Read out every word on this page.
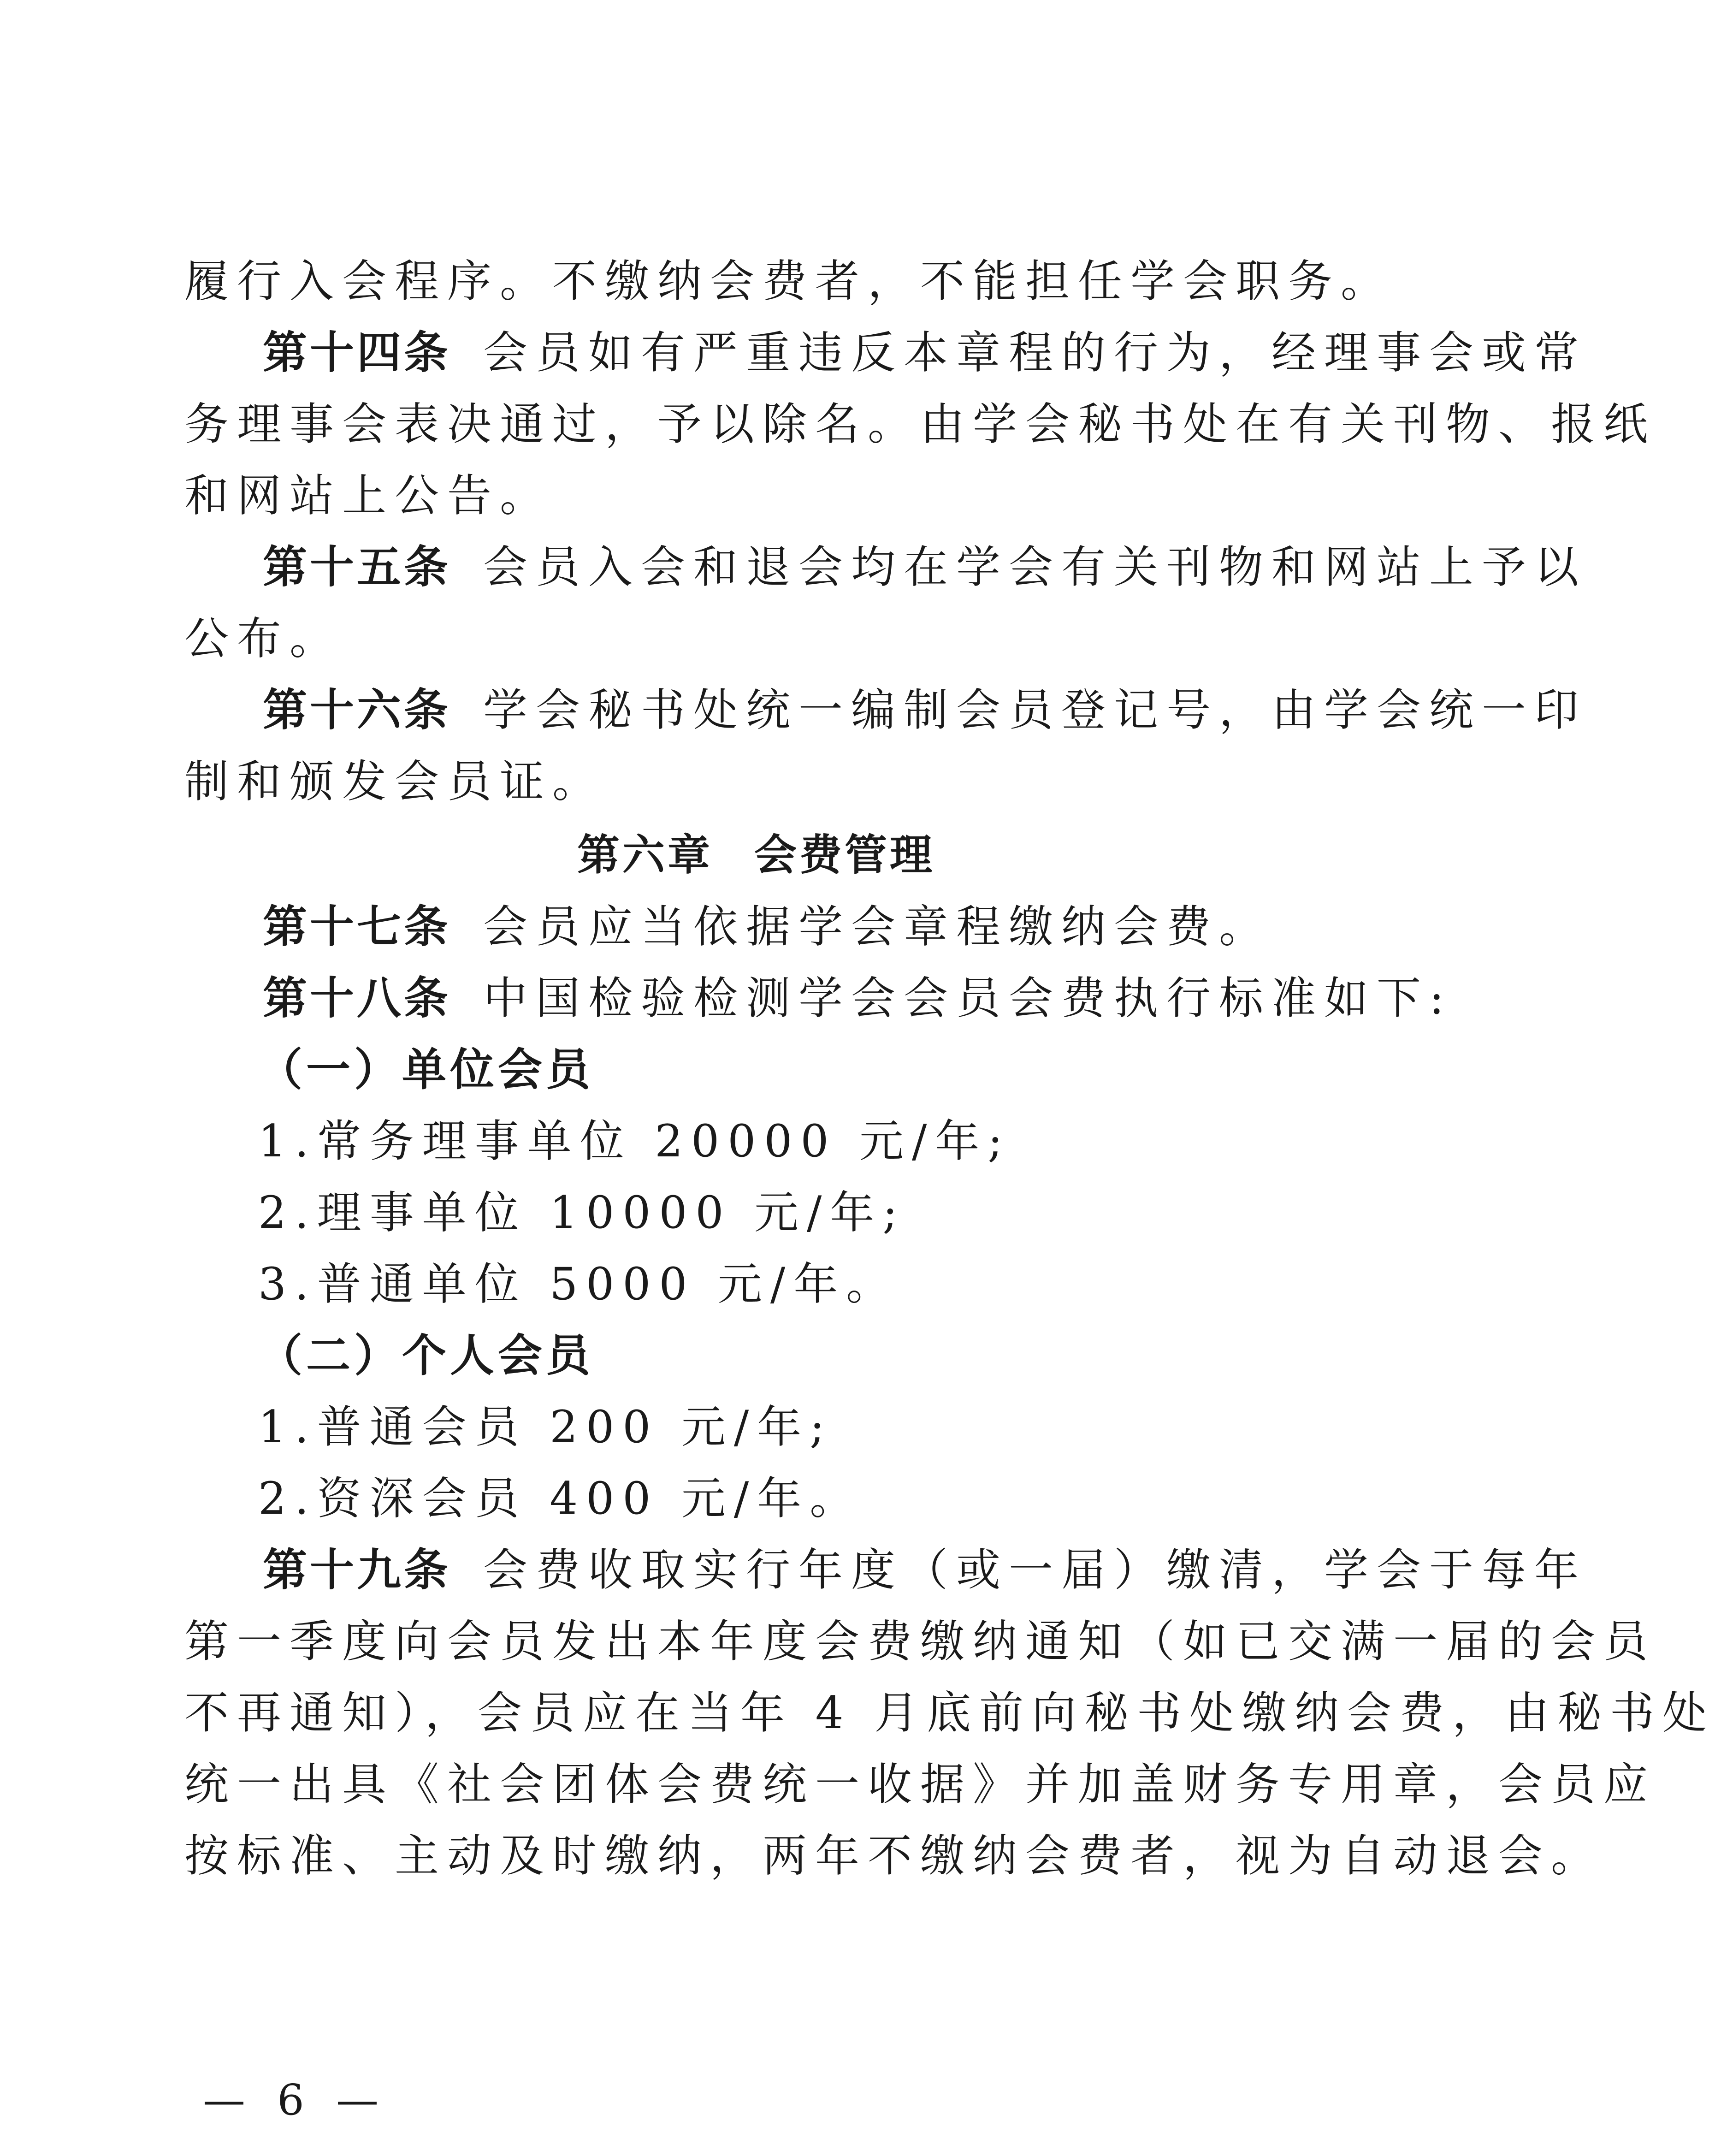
履行入会程序。不缴纳会费者，不能担任学会职务。
第十四条 会员如有严重违反本章程的行为，经理事会或常
务理事会表决通过，予以除名。由学会秘书处在有关刊物、报纸
和网站上公告。
第十五条 会员入会和退会均在学会有关刊物和网站上予以
公布。
第十六条 学会秘书处统一编制会员登记号，由学会统一印
制和颁发会员证。
第六章 会费管理
第十七条 会员应当依据学会章程缴纳会费。
第十八条 中国检验检测学会会员会费执行标准如下:
（一）单位会员
1.常务理事单位 20000 元/年;
2.理事单位 10000 元/年;
3.普通单位 5000 元/年。
（二）个人会员
1.普通会员 200 元/年;
2.资深会员 400 元/年。
第十九条 会费收取实行年度（或一届）缴清，学会于每年
第一季度向会员发出本年度会费缴纳通知（如已交满一届的会员
不再通知），会员应在当年 4 月底前向秘书处缴纳会费，由秘书处
统一出具《社会团体会费统一收据》并加盖财务专用章，会员应
按标准、主动及时缴纳，两年不缴纳会费者，视为自动退会。
— 6 —
